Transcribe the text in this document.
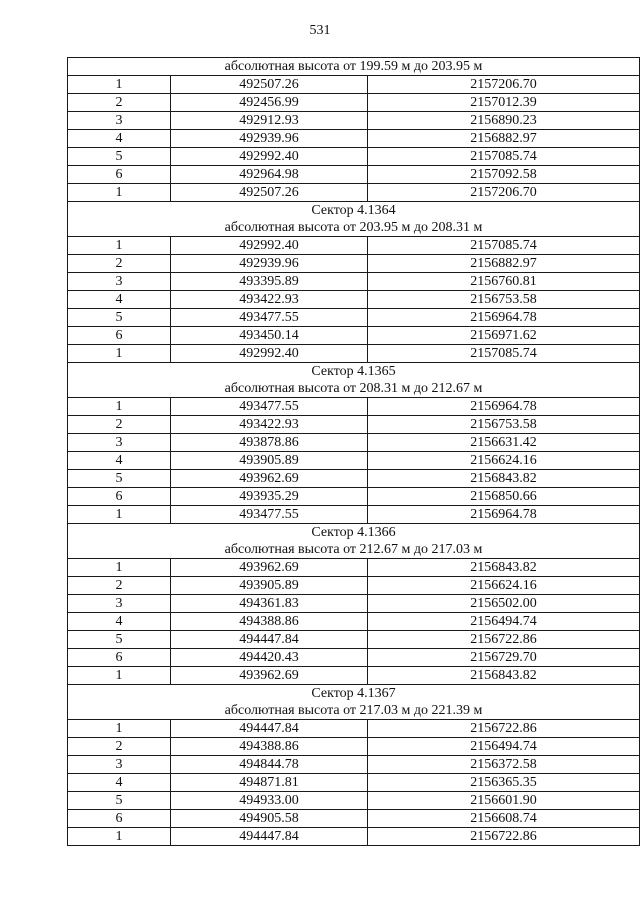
531
абсолютная высота от 199.59 м до 203.95 м		

1	492507.26	2157206.70
2	492456.99	2157012.39
3	492912.93	2156890.23
4	492939.96	2156882.97
5	492992.40	2157085.74
6	492964.98	2157092.58
1	492507.26	2157206.70

Сектор 4.1364
абсолютная высота от 203.95 м до 208.31 м		

1	492992.40	2157085.74
2	492939.96	2156882.97
3	493395.89	2156760.81
4	493422.93	2156753.58
5	493477.55	2156964.78
6	493450.14	2156971.62
1	492992.40	2157085.74

Сектор 4.1365
абсолютная высота от 208.31 м до 212.67 м		

1	493477.55	2156964.78
2	493422.93	2156753.58
3	493878.86	2156631.42
4	493905.89	2156624.16
5	493962.69	2156843.82
6	493935.29	2156850.66
1	493477.55	2156964.78

Сектор 4.1366
абсолютная высота от 212.67 м до 217.03 м		

1	493962.69	2156843.82
2	493905.89	2156624.16
3	494361.83	2156502.00
4	494388.86	2156494.74
5	494447.84	2156722.86
6	494420.43	2156729.70
1	493962.69	2156843.82

Сектор 4.1367
абсолютная высота от 217.03 м до 221.39 м		

1	494447.84	2156722.86
2	494388.86	2156494.74
3	494844.78	2156372.58
4	494871.81	2156365.35
5	494933.00	2156601.90
6	494905.58	2156608.74
1	494447.84	2156722.86
